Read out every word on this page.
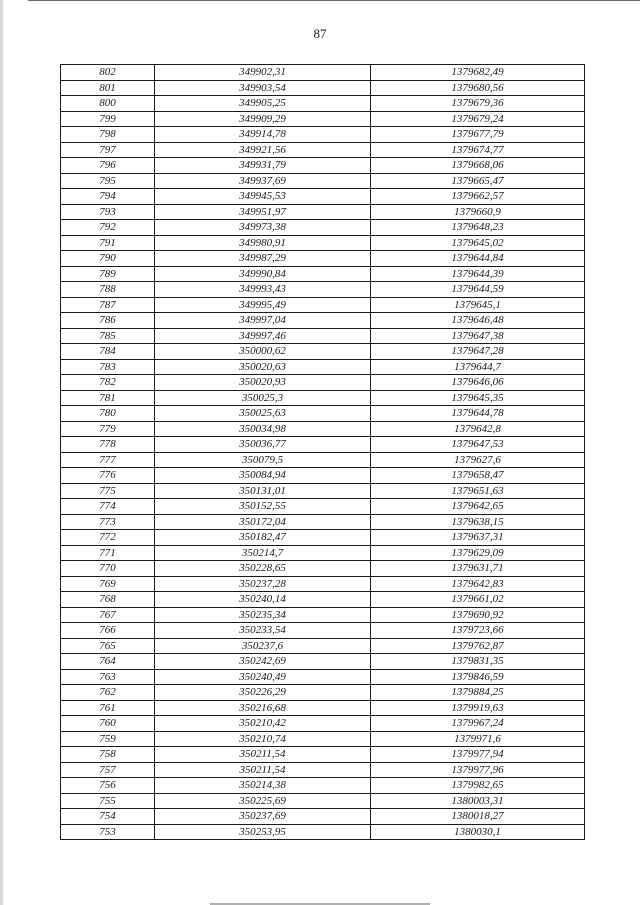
87
802	349902,31	1379682,49
801	349903,54	1379680,56
800	349905,25	1379679,36
799	349909,29	1379679,24
798	349914,78	1379677,79
797	349921,56	1379674,77
796	349931,79	1379668,06
795	349937,69	1379665,47
794	349945,53	1379662,57
793	349951,97	1379660,9
792	349973,38	1379648,23
791	349980,91	1379645,02
790	349987,29	1379644,84
789	349990,84	1379644,39
788	349993,43	1379644,59
787	349995,49	1379645,1
786	349997,04	1379646,48
785	349997,46	1379647,38
784	350000,62	1379647,28
783	350020,63	1379644,7
782	350020,93	1379646,06
781	350025,3	1379645,35
780	350025,63	1379644,78
779	350034,98	1379642,8
778	350036,77	1379647,53
777	350079,5	1379627,6
776	350084,94	1379658,47
775	350131,01	1379651,63
774	350152,55	1379642,65
773	350172,04	1379638,15
772	350182,47	1379637,31
771	350214,7	1379629,09
770	350228,65	1379631,71
769	350237,28	1379642,83
768	350240,14	1379661,02
767	350235,34	1379690,92
766	350233,54	1379723,66
765	350237,6	1379762,87
764	350242,69	1379831,35
763	350240,49	1379846,59
762	350226,29	1379884,25
761	350216,68	1379919,63
760	350210,42	1379967,24
759	350210,74	1379971,6
758	350211,54	1379977,94
757	350211,54	1379977,96
756	350214,38	1379982,65
755	350225,69	1380003,31
754	350237,69	1380018,27
753	350253,95	1380030,1
